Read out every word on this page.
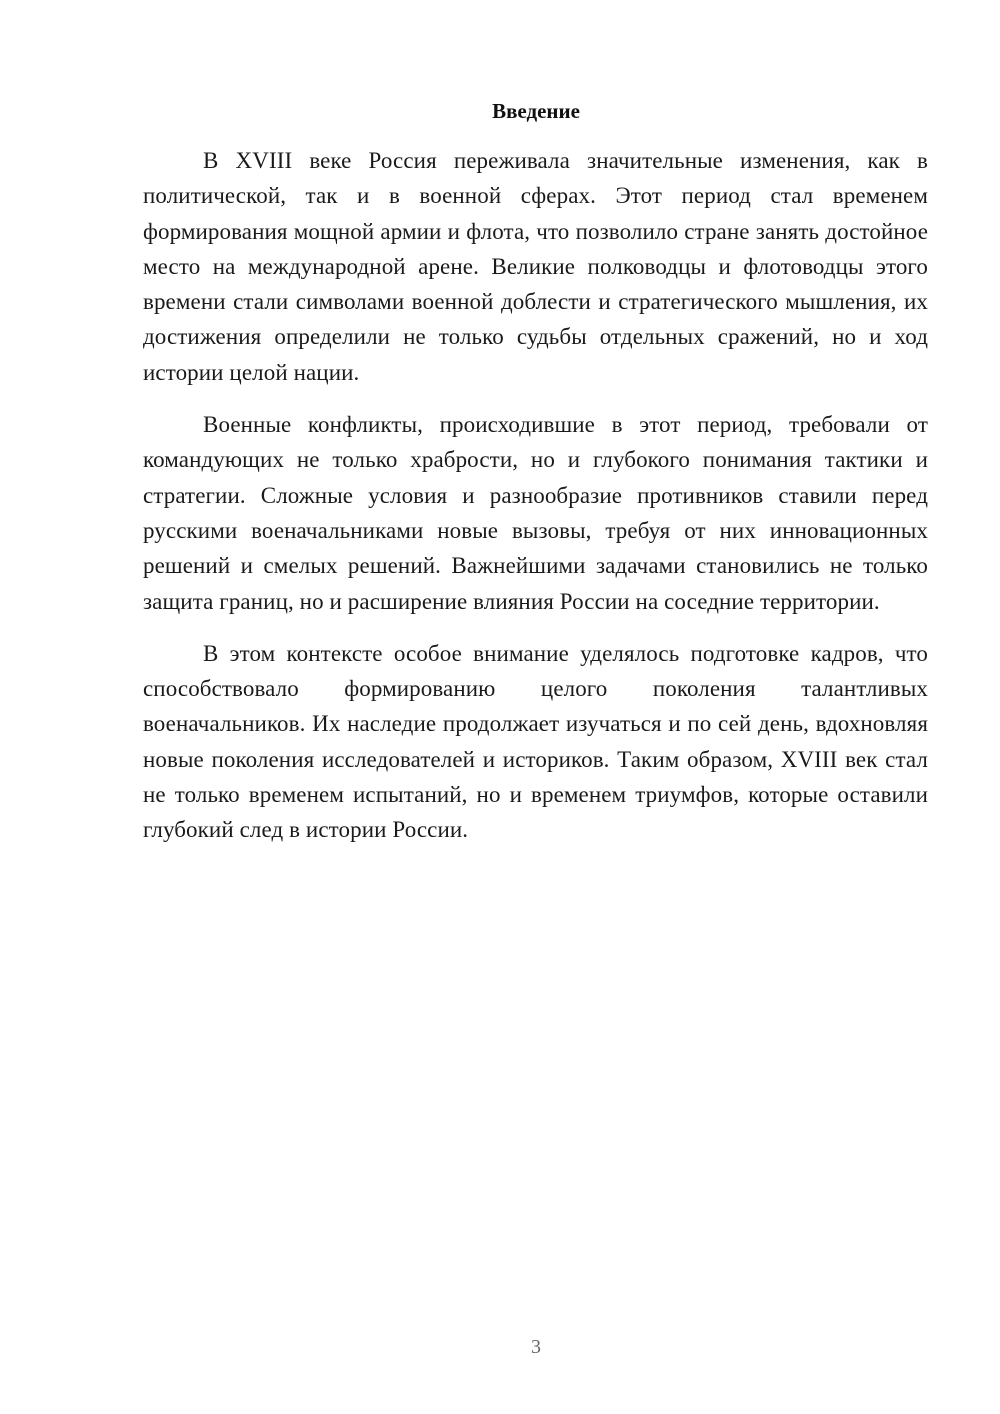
Введение

В XVIII веке Россия переживала значительные изменения, как в политической, так и в военной сферах. Этот период стал временем формирования мощной армии и флота, что позволило стране занять достойное место на международной арене. Великие полководцы и флотоводцы этого времени стали символами военной доблести и стратегического мышления, их достижения определили не только судьбы отдельных сражений, но и ход истории целой нации.

Военные конфликты, происходившие в этот период, требовали от командующих не только храбрости, но и глубокого понимания тактики и стратегии. Сложные условия и разнообразие противников ставили перед русскими военачальниками новые вызовы, требуя от них инновационных решений и смелых решений. Важнейшими задачами становились не только защита границ, но и расширение влияния России на соседние территории.

В этом контексте особое внимание уделялось подготовке кадров, что способствовало формированию целого поколения талантливых военачальников. Их наследие продолжает изучаться и по сей день, вдохновляя новые поколения исследователей и историков. Таким образом, XVIII век стал не только временем испытаний, но и временем триумфов, которые оставили глубокий след в истории России.

3
